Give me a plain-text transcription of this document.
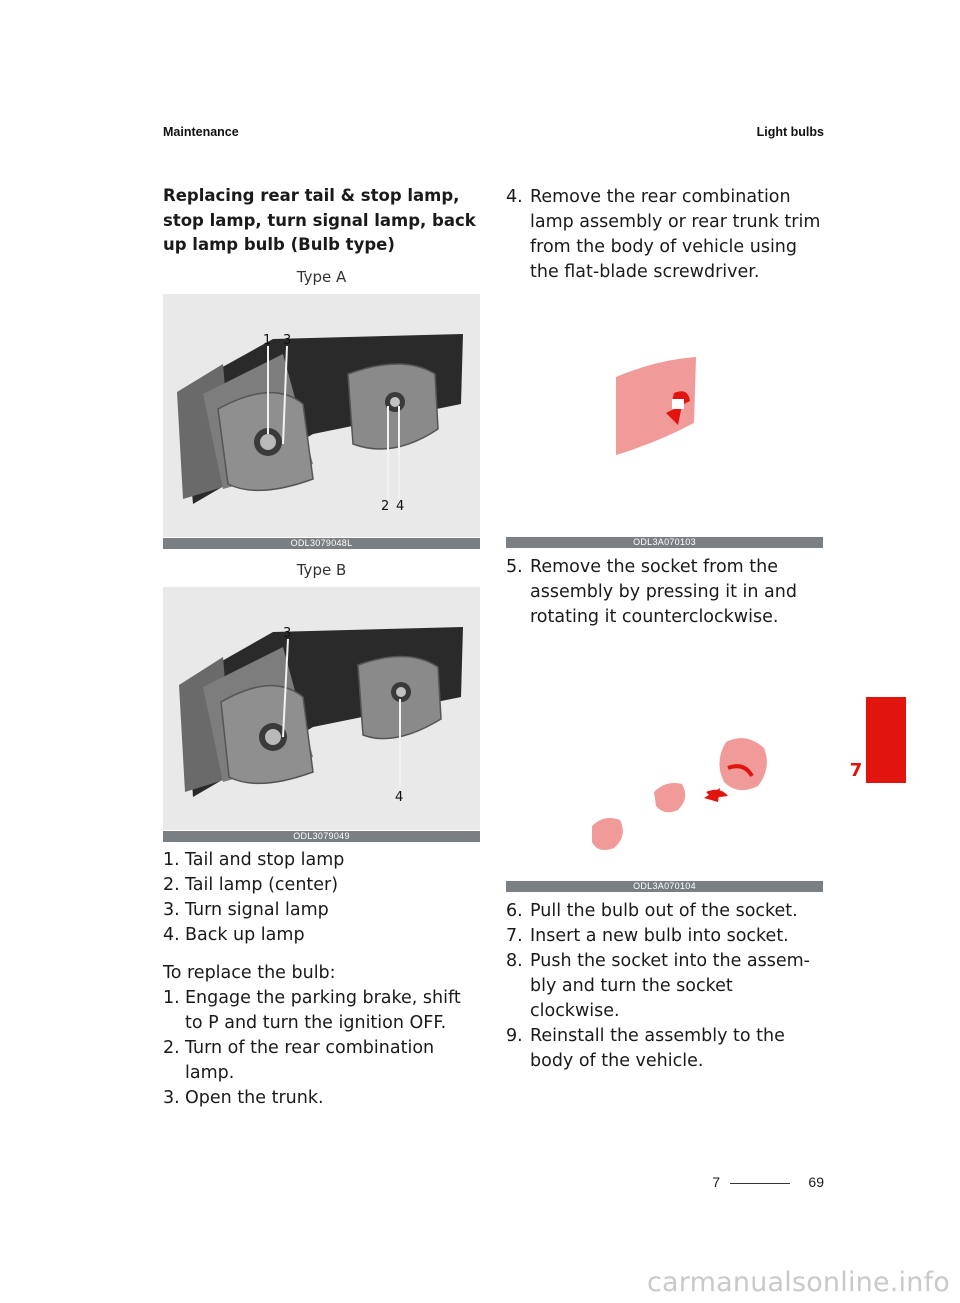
Maintenance	Light bulbs
Replacing rear tail & stop lamp, stop lamp, turn signal lamp, back up lamp bulb (Bulb type)
Type A
1 3
2 4
ODL3079048L
Type B
3
4
ODL3079049
1. Tail and stop lamp
2. Tail lamp (center)
3. Turn signal lamp
4. Back up lamp
To replace the bulb:
1. Engage the parking brake, shift to P and turn the ignition OFF.
2. Turn of the rear combination lamp.
3. Open the trunk.
4. Remove the rear combination lamp assembly or rear trunk trim from the body of vehicle using the flat-blade screwdriver.
ODL3A070103
5. Remove the socket from the assembly by pressing it in and rotating it counterclockwise.
ODL3A070104
6. Pull the bulb out of the socket.
7. Insert a new bulb into socket.
8. Push the socket into the assem-bly and turn the socket clockwise.
9. Reinstall the assembly to the body of the vehicle.
7
7	69
carmanualsonline.info
